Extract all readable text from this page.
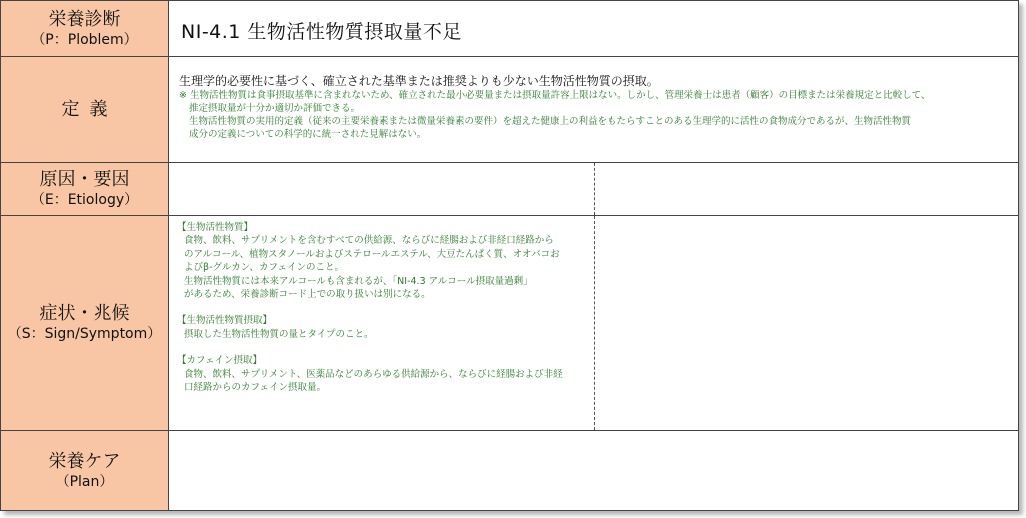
栄養診断
（P：Ploblem） NI-4.1 生物活性物質摂取量不足
定義
生理学的必要性に基づく、確立された基準または推奨よりも少ない生物活性物質の摂取。

※ 生物活性物質は食事摂取基準に含まれないため、確立された最小必要量または摂取量許容上限はない。しかし、管理栄養士は患者（顧客）の目標または栄養規定と比較して、

推定摂取量が十分か適切か評価できる。

生物活性物質の実用的定義（従来の主要栄養素または微量栄養素の要件）を超えた健康上の利益をもたらすことのある生理学的に活性の食物成分であるが、生物活性物質

成分の定義についての科学的に統一された見解はない。

原因・要因
（E：Etiology）
症状・兆候
（S：Sign/Symptom）

【生物活性物質】

食物、飲料、サプリメントを含むすべての供給源、ならびに経腸および非経口経路から

のアルコール、植物スタノールおよびステロールエステル、大豆たんぱく質、オオバコお

よびβ-グルカン、カフェインのこと。

生物活性物質には本来アルコールも含まれるが、「NI-4.3 アルコール摂取量過剰」

があるため、栄養診断コード上での取り扱いは別になる。

【生物活性物質摂取】

摂取した生物活性物質の量とタイプのこと。

【カフェイン摂取】

食物、飲料、サプリメント、医薬品などのあらゆる供給源から、ならびに経腸および非経

口経路からのカフェイン摂取量。

栄養ケア
（Plan）
